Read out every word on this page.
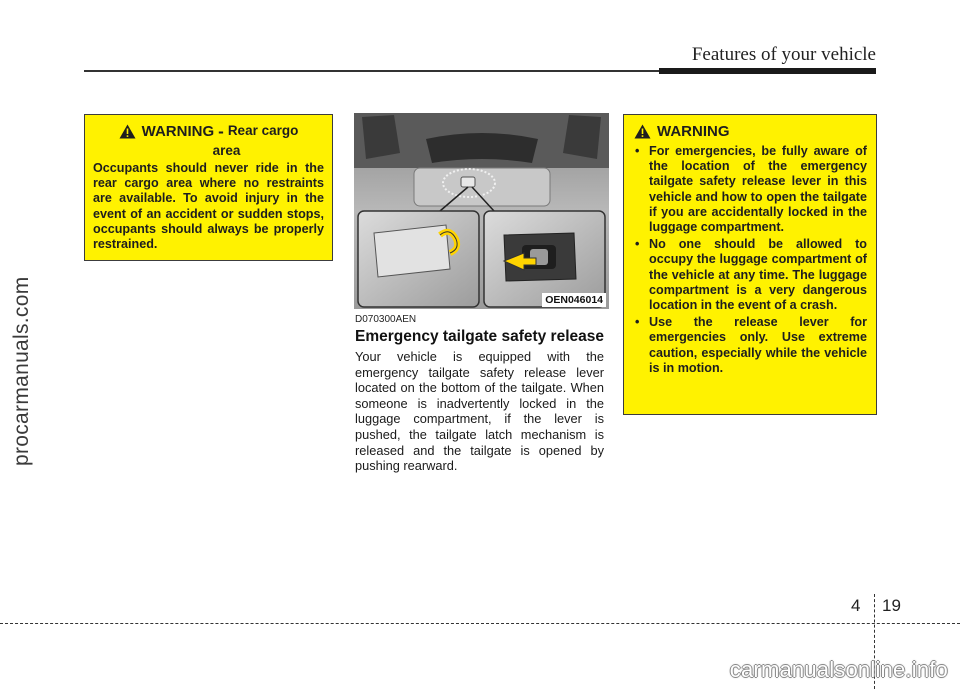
Features of your vehicle
procarmanuals.com
WARNING - Rear cargo
area

Occupants should never ride in the rear cargo area where no restraints are available. To avoid injury in the event of an accident or sudden stops, occupants should always be properly restrained.

OEN046014
D070300AEN
Emergency tailgate safety release

Your vehicle is equipped with the emergency tailgate safety release lever located on the bottom of the tailgate. When someone is inadvertently locked in the luggage compartment, if the lever is pushed, the tailgate latch mechanism is released and the tailgate is opened by pushing rearward.

WARNING
• For emergencies, be fully aware of the location of the emergency tailgate safety release lever in this vehicle and how to open the tailgate if you are accidentally locked in the luggage compartment.
• No one should be allowed to occupy the luggage compartment of the vehicle at any time. The luggage compartment is a very dangerous location in the event of a crash.
• Use the release lever for emergencies only. Use extreme caution, especially while the vehicle is in motion.
4 19
carmanualsonline.info
